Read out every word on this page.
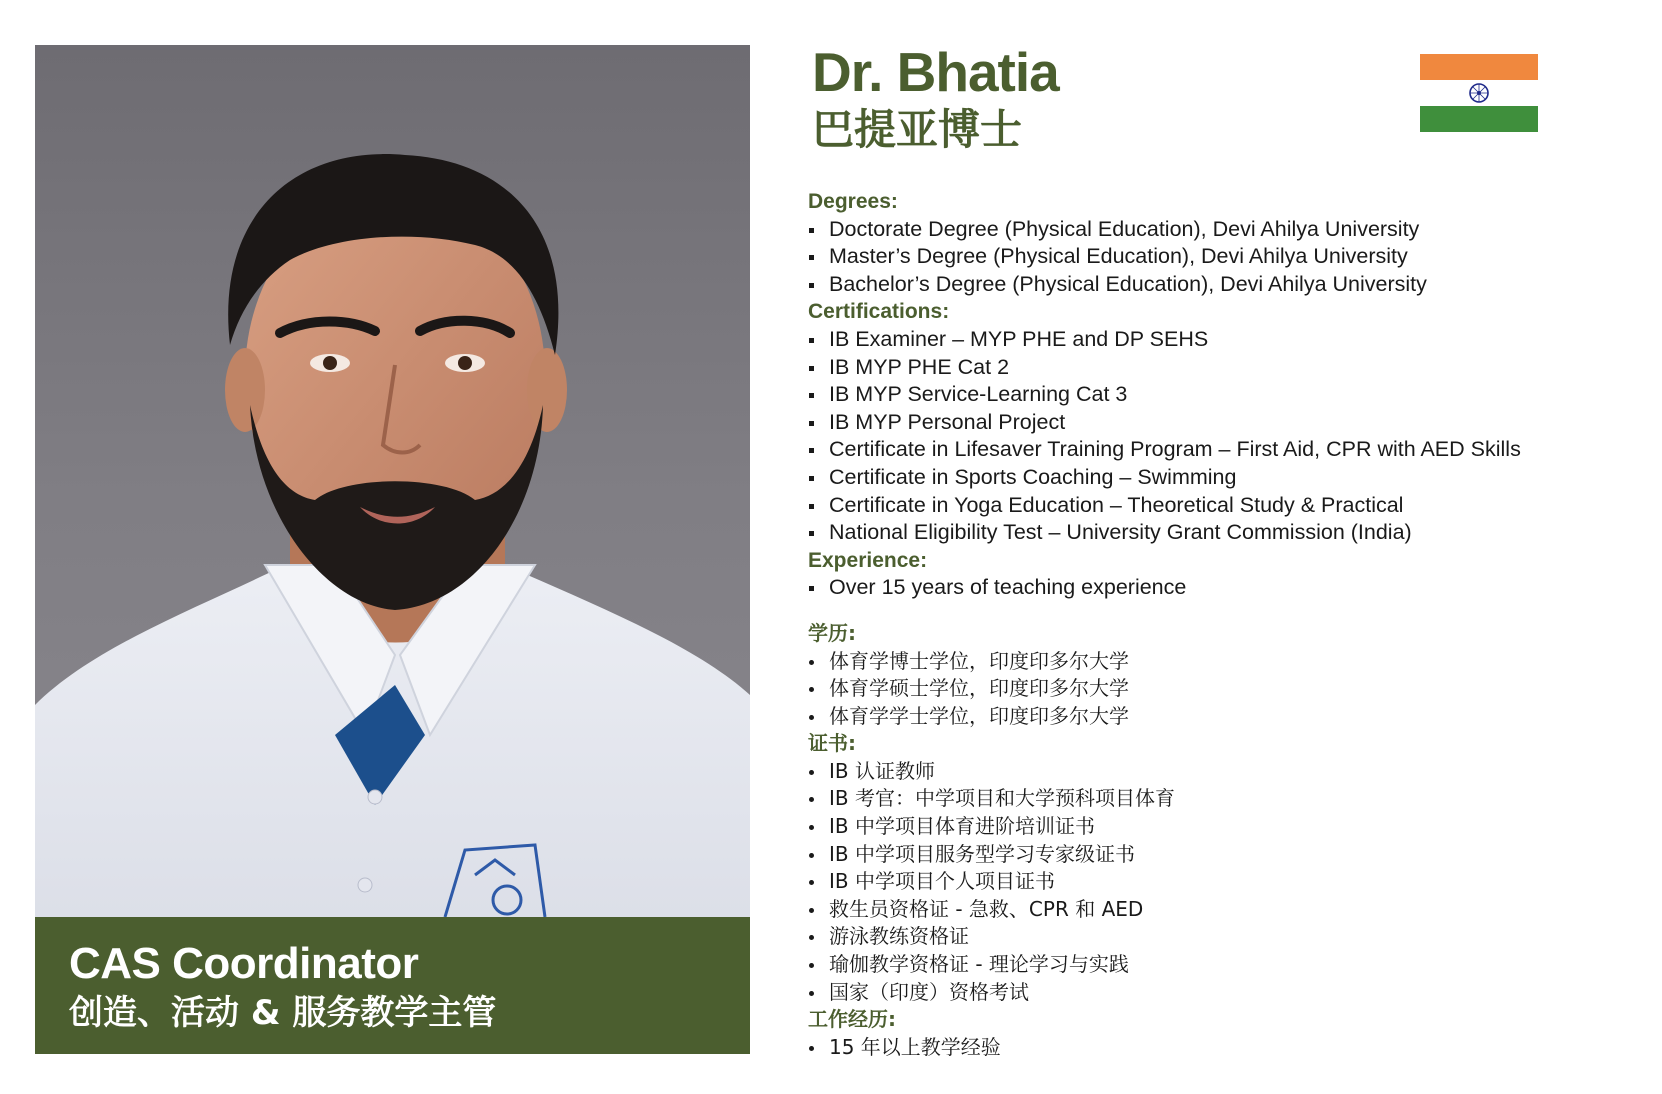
CAS Coordinator
创造、活动 & 服务教学主管
Dr. Bhatia
巴提亚博士
Degrees:
Doctorate Degree (Physical Education), Devi Ahilya University
Master’s Degree (Physical Education), Devi Ahilya University
Bachelor’s Degree (Physical Education), Devi Ahilya University
Certifications:
IB Examiner – MYP PHE and DP SEHS
IB MYP PHE Cat 2
IB MYP Service-Learning Cat 3
IB MYP Personal Project
Certificate in Lifesaver Training Program – First Aid, CPR with AED Skills
Certificate in Sports Coaching – Swimming
Certificate in Yoga Education – Theoretical Study & Practical
National Eligibility Test – University Grant Commission (India)
Experience:
Over 15 years of teaching experience
学历:
体育学博士学位，印度印多尔大学
体育学硕士学位，印度印多尔大学
体育学学士学位，印度印多尔大学
证书:
IB 认证教师
IB 考官：中学项目和大学预科项目体育
IB 中学项目体育进阶培训证书
IB 中学项目服务型学习专家级证书
IB 中学项目个人项目证书
救生员资格证 - 急救、CPR 和 AED
游泳教练资格证
瑜伽教学资格证 - 理论学习与实践
国家（印度）资格考试
工作经历:
15 年以上教学经验
